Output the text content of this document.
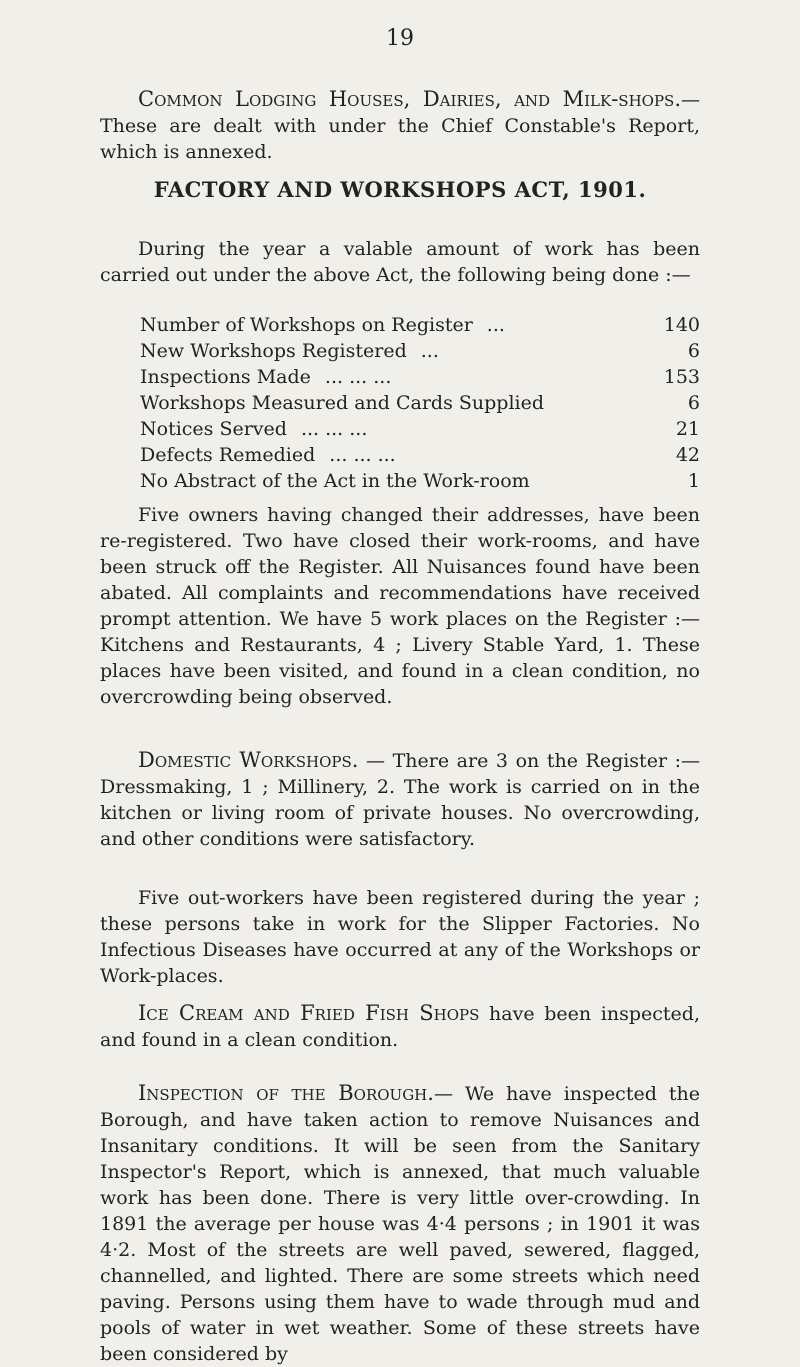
19

Common Lodging Houses, Dairies, and Milk-shops.—These are dealt with under the Chief Constable's Report, which is annexed.

FACTORY AND WORKSHOPS ACT, 1901.

During the year a valable amount of work has been carried out under the above Act, the following being done :—

Number of Workshops on Register ...	140
New Workshops Registered ...	6
Inspections Made ... ... ...	153
Workshops Measured and Cards Supplied	6
Notices Served ... ... ...	21
Defects Remedied ... ... ...	42
No Abstract of the Act in the Work-room	1

Five owners having changed their addresses, have been re-registered. Two have closed their work-rooms, and have been struck off the Register. All Nuisances found have been abated. All complaints and recommendations have received prompt attention. We have 5 work places on the Register :—Kitchens and Restaurants, 4 ; Livery Stable Yard, 1. These places have been visited, and found in a clean condition, no overcrowding being observed.

Domestic Workshops. — There are 3 on the Register :—Dressmaking, 1 ; Millinery, 2. The work is carried on in the kitchen or living room of private houses. No overcrowding, and other conditions were satisfactory.

Five out-workers have been registered during the year ; these persons take in work for the Slipper Factories. No Infectious Diseases have occurred at any of the Workshops or Work-places.

Ice Cream and Fried Fish Shops have been inspected, and found in a clean condition.

Inspection of the Borough.— We have inspected the Borough, and have taken action to remove Nuisances and Insanitary conditions. It will be seen from the Sanitary Inspector's Report, which is annexed, that much valuable work has been done. There is very little over-crowding. In 1891 the average per house was 4·4 persons ; in 1901 it was 4·2. Most of the streets are well paved, sewered, flagged, channelled, and lighted. There are some streets which need paving. Persons using them have to wade through mud and pools of water in wet weather. Some of these streets have been considered by
